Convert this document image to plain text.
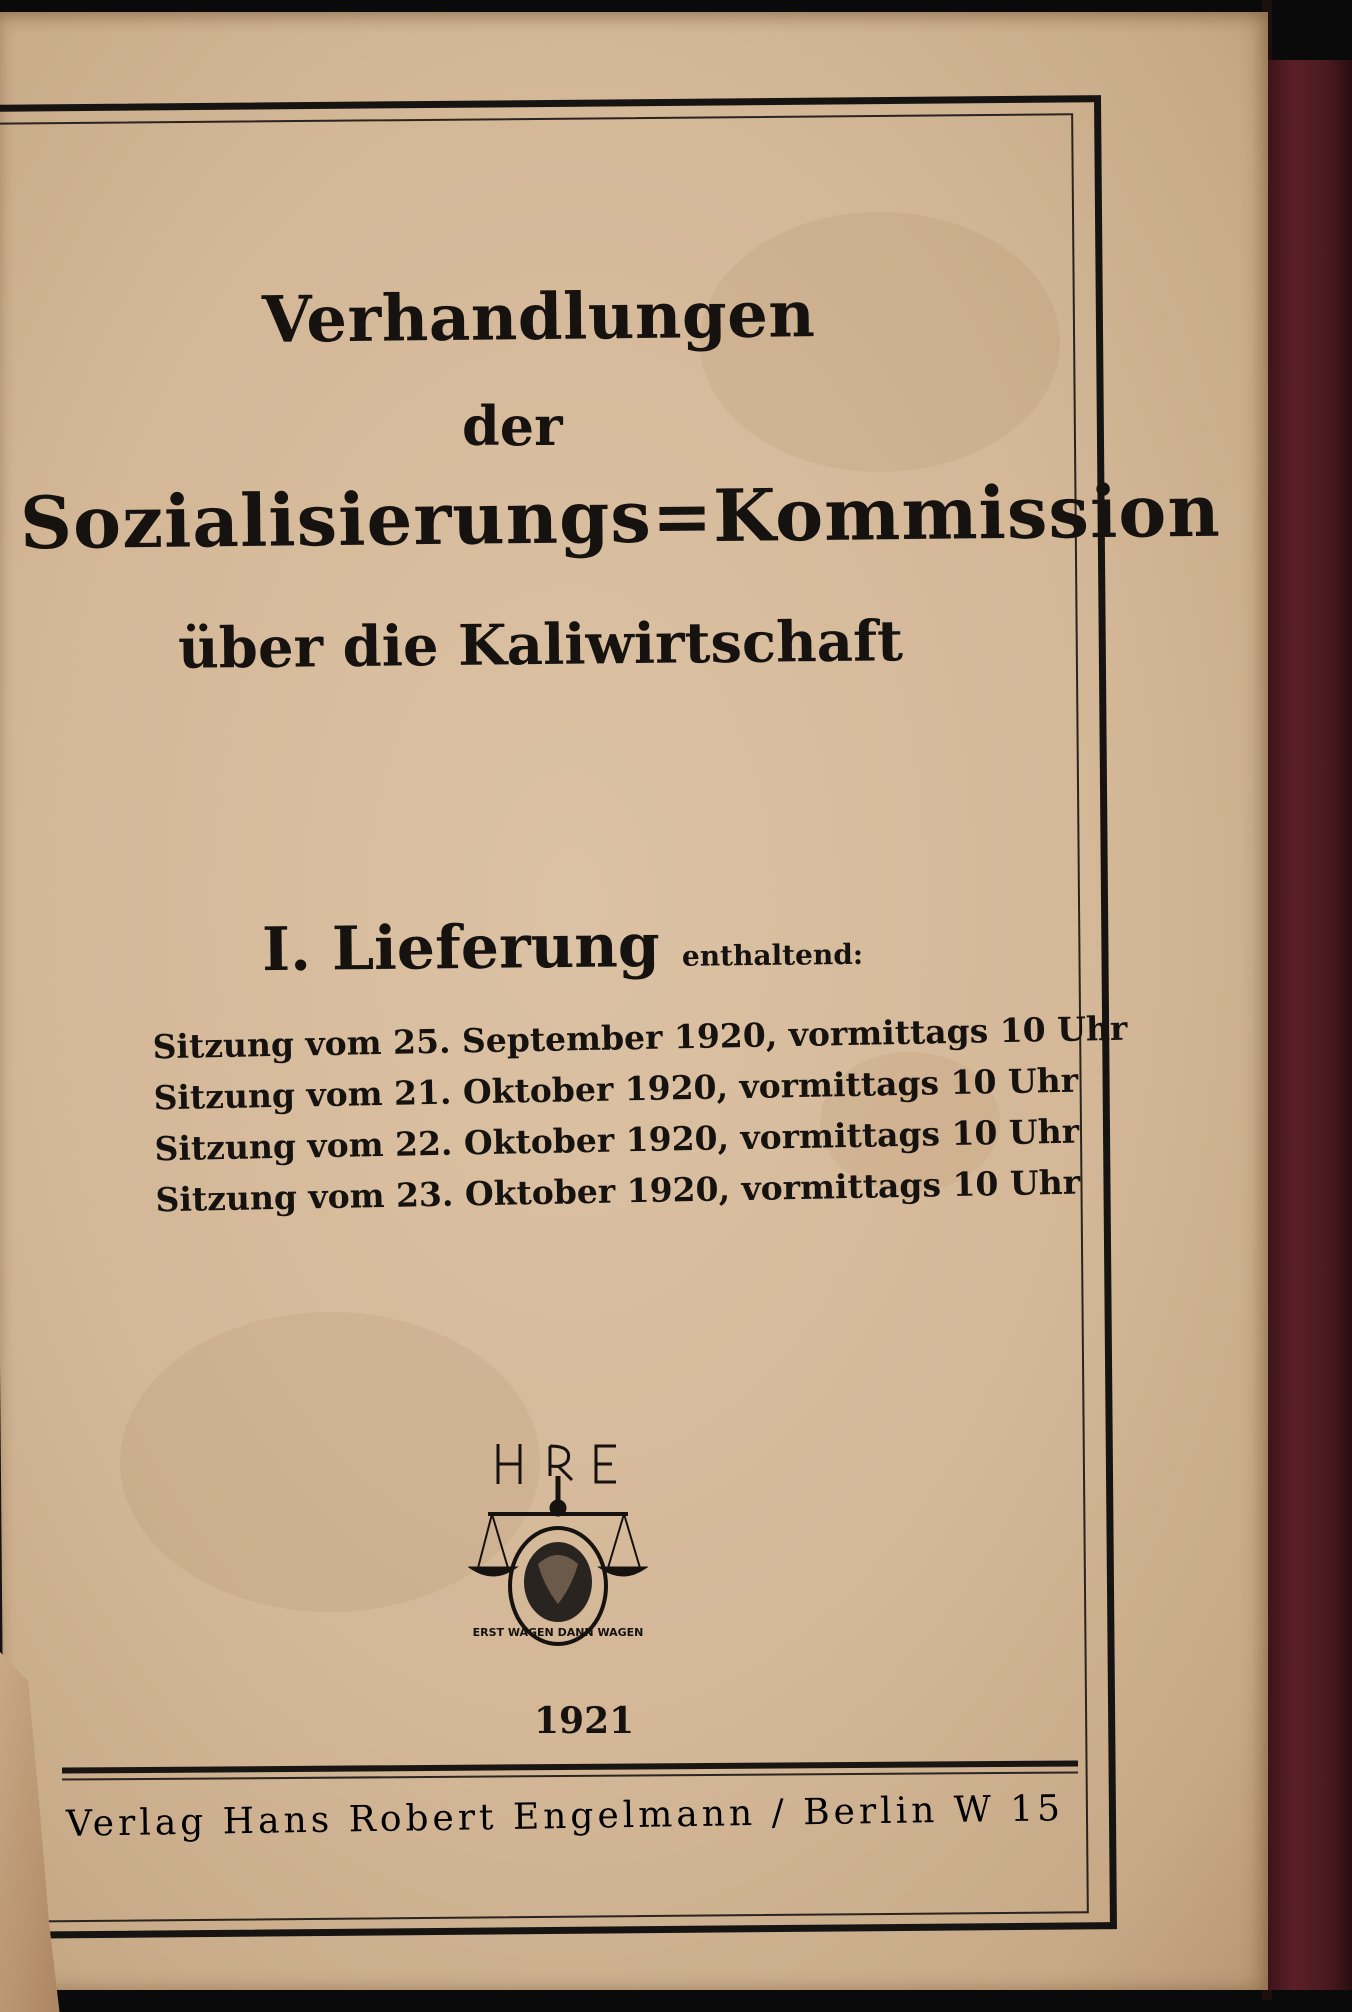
Verhandlungen
der
Sozialisierungs=Kommission
über die Kaliwirtschaft
I. Lieferung enthaltend:
Sitzung vom 25. September 1920, vormittags 10 Uhr
Sitzung vom 21. Oktober 1920, vormittags 10 Uhr
Sitzung vom 22. Oktober 1920, vormittags 10 Uhr
Sitzung vom 23. Oktober 1920, vormittags 10 Uhr
ERST WÄGEN DANN WAGEN
1921
Verlag Hans Robert Engelmann / Berlin W 15
